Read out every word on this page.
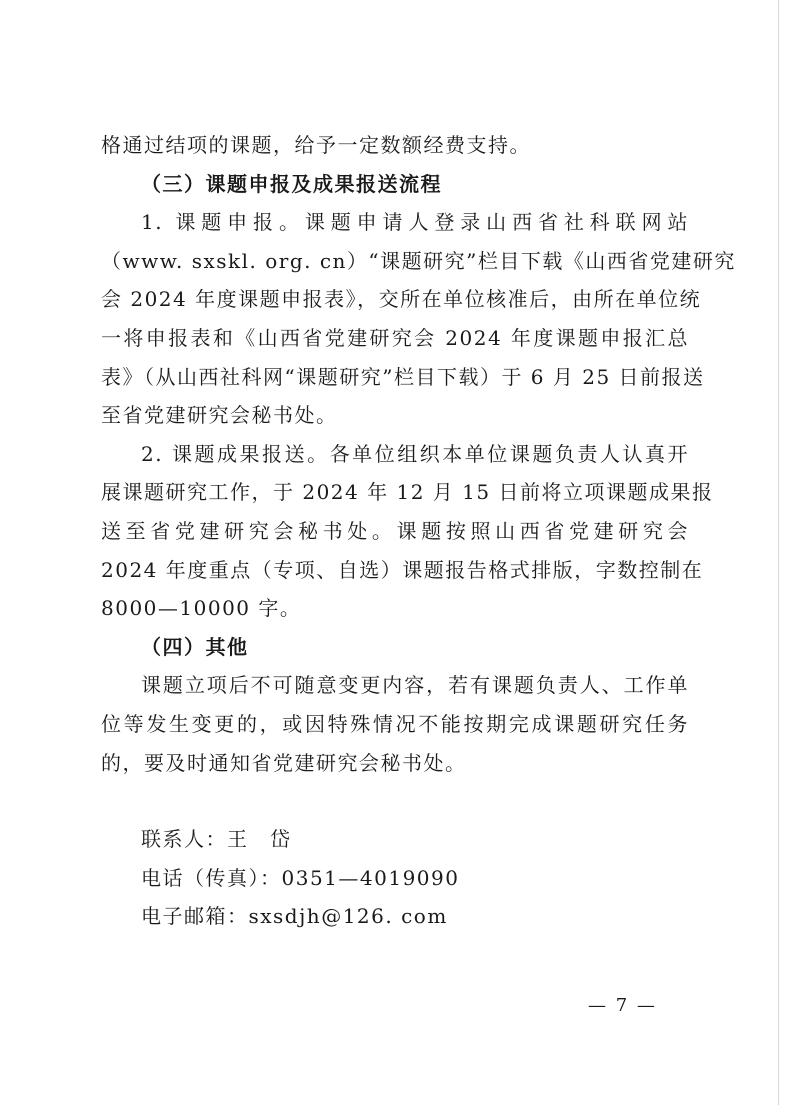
格通过结项的课题，给予一定数额经费支持。
（三）课题申报及成果报送流程
1. 课题申报。课题申请人登录山西省社科联网站
（www. sxskl. org. cn）“课题研究”栏目下载《山西省党建研究
会 2024 年度课题申报表》，交所在单位核准后，由所在单位统
一将申报表和《山西省党建研究会 2024 年度课题申报汇总
表》（从山西社科网“课题研究”栏目下载）于 6 月 25 日前报送
至省党建研究会秘书处。
2. 课题成果报送。各单位组织本单位课题负责人认真开
展课题研究工作，于 2024 年 12 月 15 日前将立项课题成果报
送至省党建研究会秘书处。课题按照山西省党建研究会
2024 年度重点（专项、自选）课题报告格式排版，字数控制在
8000—10000 字。
（四）其他
课题立项后不可随意变更内容，若有课题负责人、工作单
位等发生变更的，或因特殊情况不能按期完成课题研究任务
的，要及时通知省党建研究会秘书处。
联系人：王　岱
电话（传真）：0351—4019090
电子邮箱：sxsdjh@126. com
— 7 —
